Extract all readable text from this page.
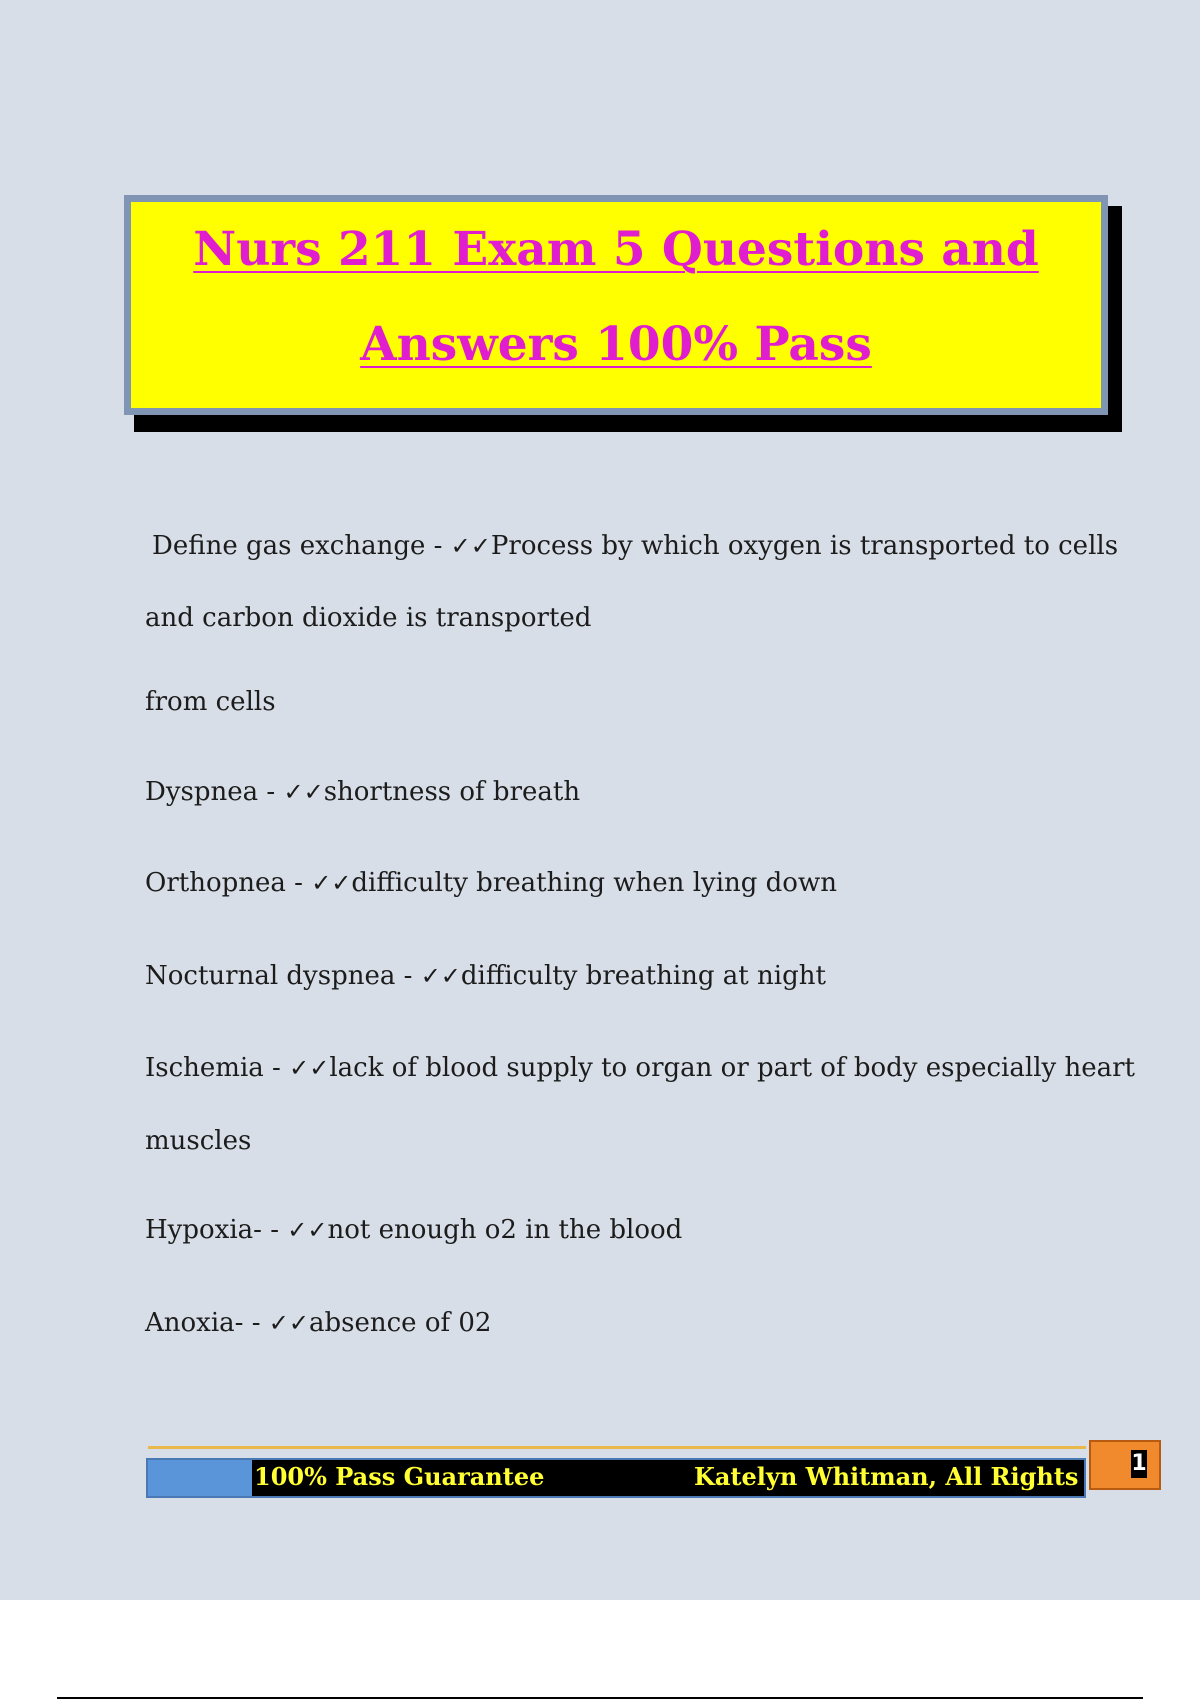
Nurs 211 Exam 5 Questions and
Answers 100% Pass
Define gas exchange - ✓✓Process by which oxygen is transported to cells
and carbon dioxide is transported
from cells
Dyspnea - ✓✓shortness of breath
Orthopnea - ✓✓difficulty breathing when lying down
Nocturnal dyspnea - ✓✓difficulty breathing at night
Ischemia - ✓✓lack of blood supply to organ or part of body especially heart
muscles
Hypoxia- - ✓✓not enough o2 in the blood
Anoxia- - ✓✓absence of 02
100% Pass Guarantee	Katelyn Whitman, All Rights 1
